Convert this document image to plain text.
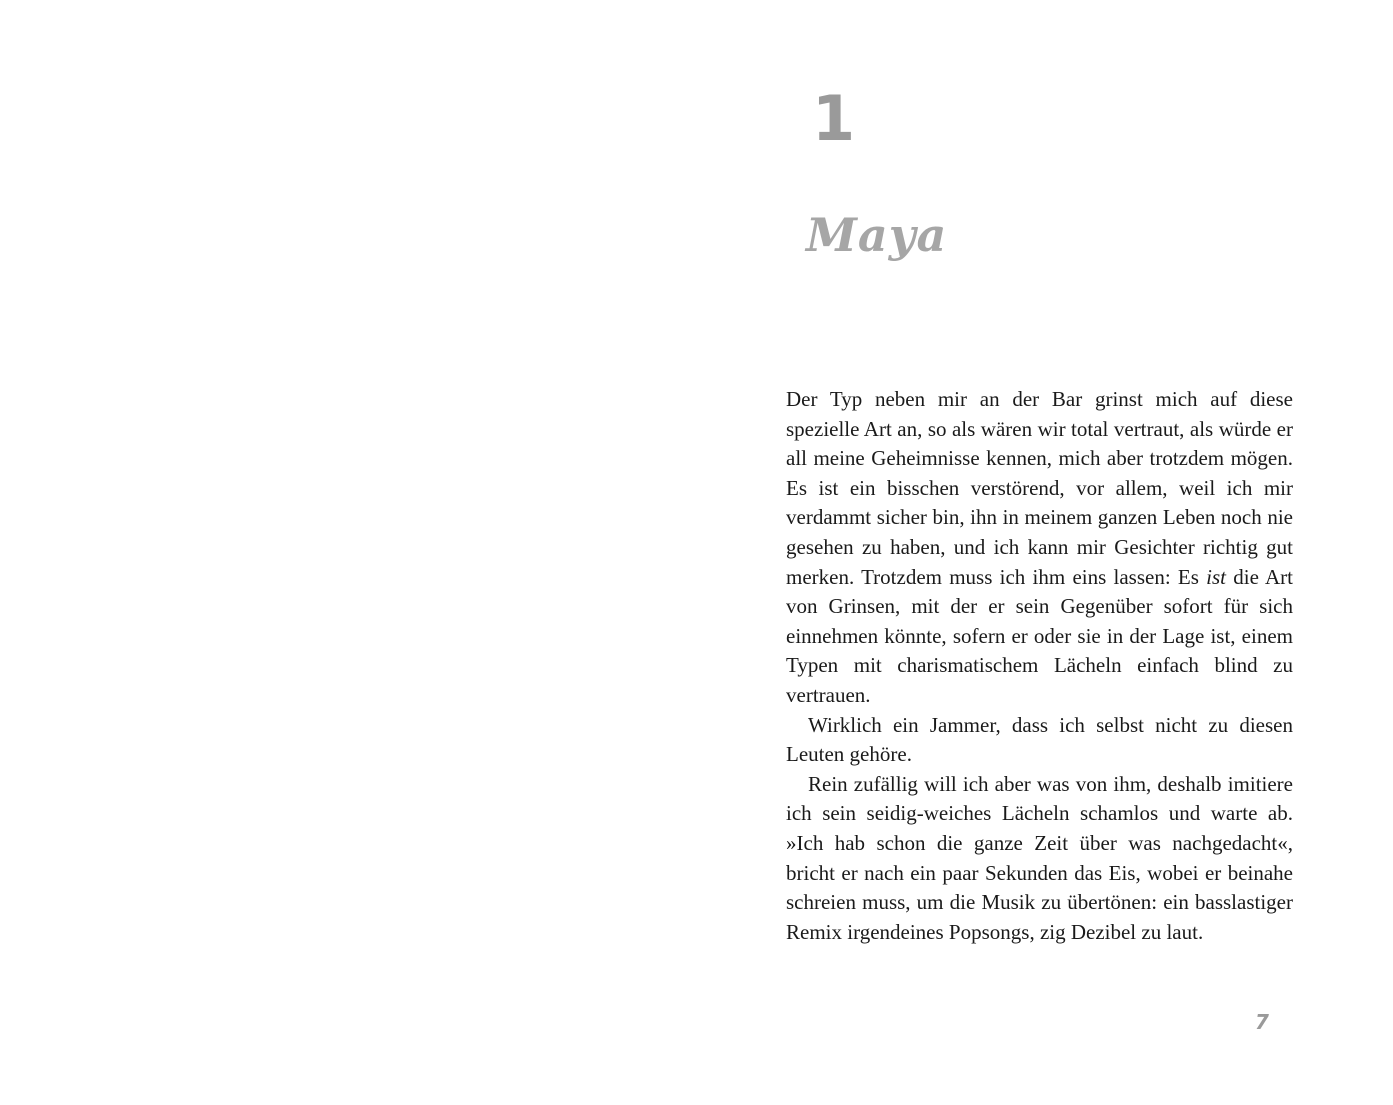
1
Maya

Der Typ neben mir an der Bar grinst mich auf diese spezielle Art an, so als wären wir total vertraut, als würde er all meine Geheimnisse kennen, mich aber trotzdem mögen. Es ist ein bisschen verstörend, vor allem, weil ich mir verdammt sicher bin, ihn in meinem ganzen Leben noch nie gesehen zu haben, und ich kann mir Gesichter richtig gut merken. Trotzdem muss ich ihm eins lassen: Es ist die Art von Grinsen, mit der er sein Gegenüber sofort für sich einnehmen könnte, sofern er oder sie in der Lage ist, einem Typen mit charismatischem Lächeln einfach blind zu vertrauen.

Wirklich ein Jammer, dass ich selbst nicht zu diesen Leuten gehöre.

Rein zufällig will ich aber was von ihm, deshalb imitiere ich sein seidig-weiches Lächeln schamlos und warte ab. »Ich hab schon die ganze Zeit über was nachgedacht«, bricht er nach ein paar Sekunden das Eis, wobei er beinahe schreien muss, um die Musik zu übertönen: ein basslastiger Remix irgendeines Popsongs, zig Dezibel zu laut.

7
